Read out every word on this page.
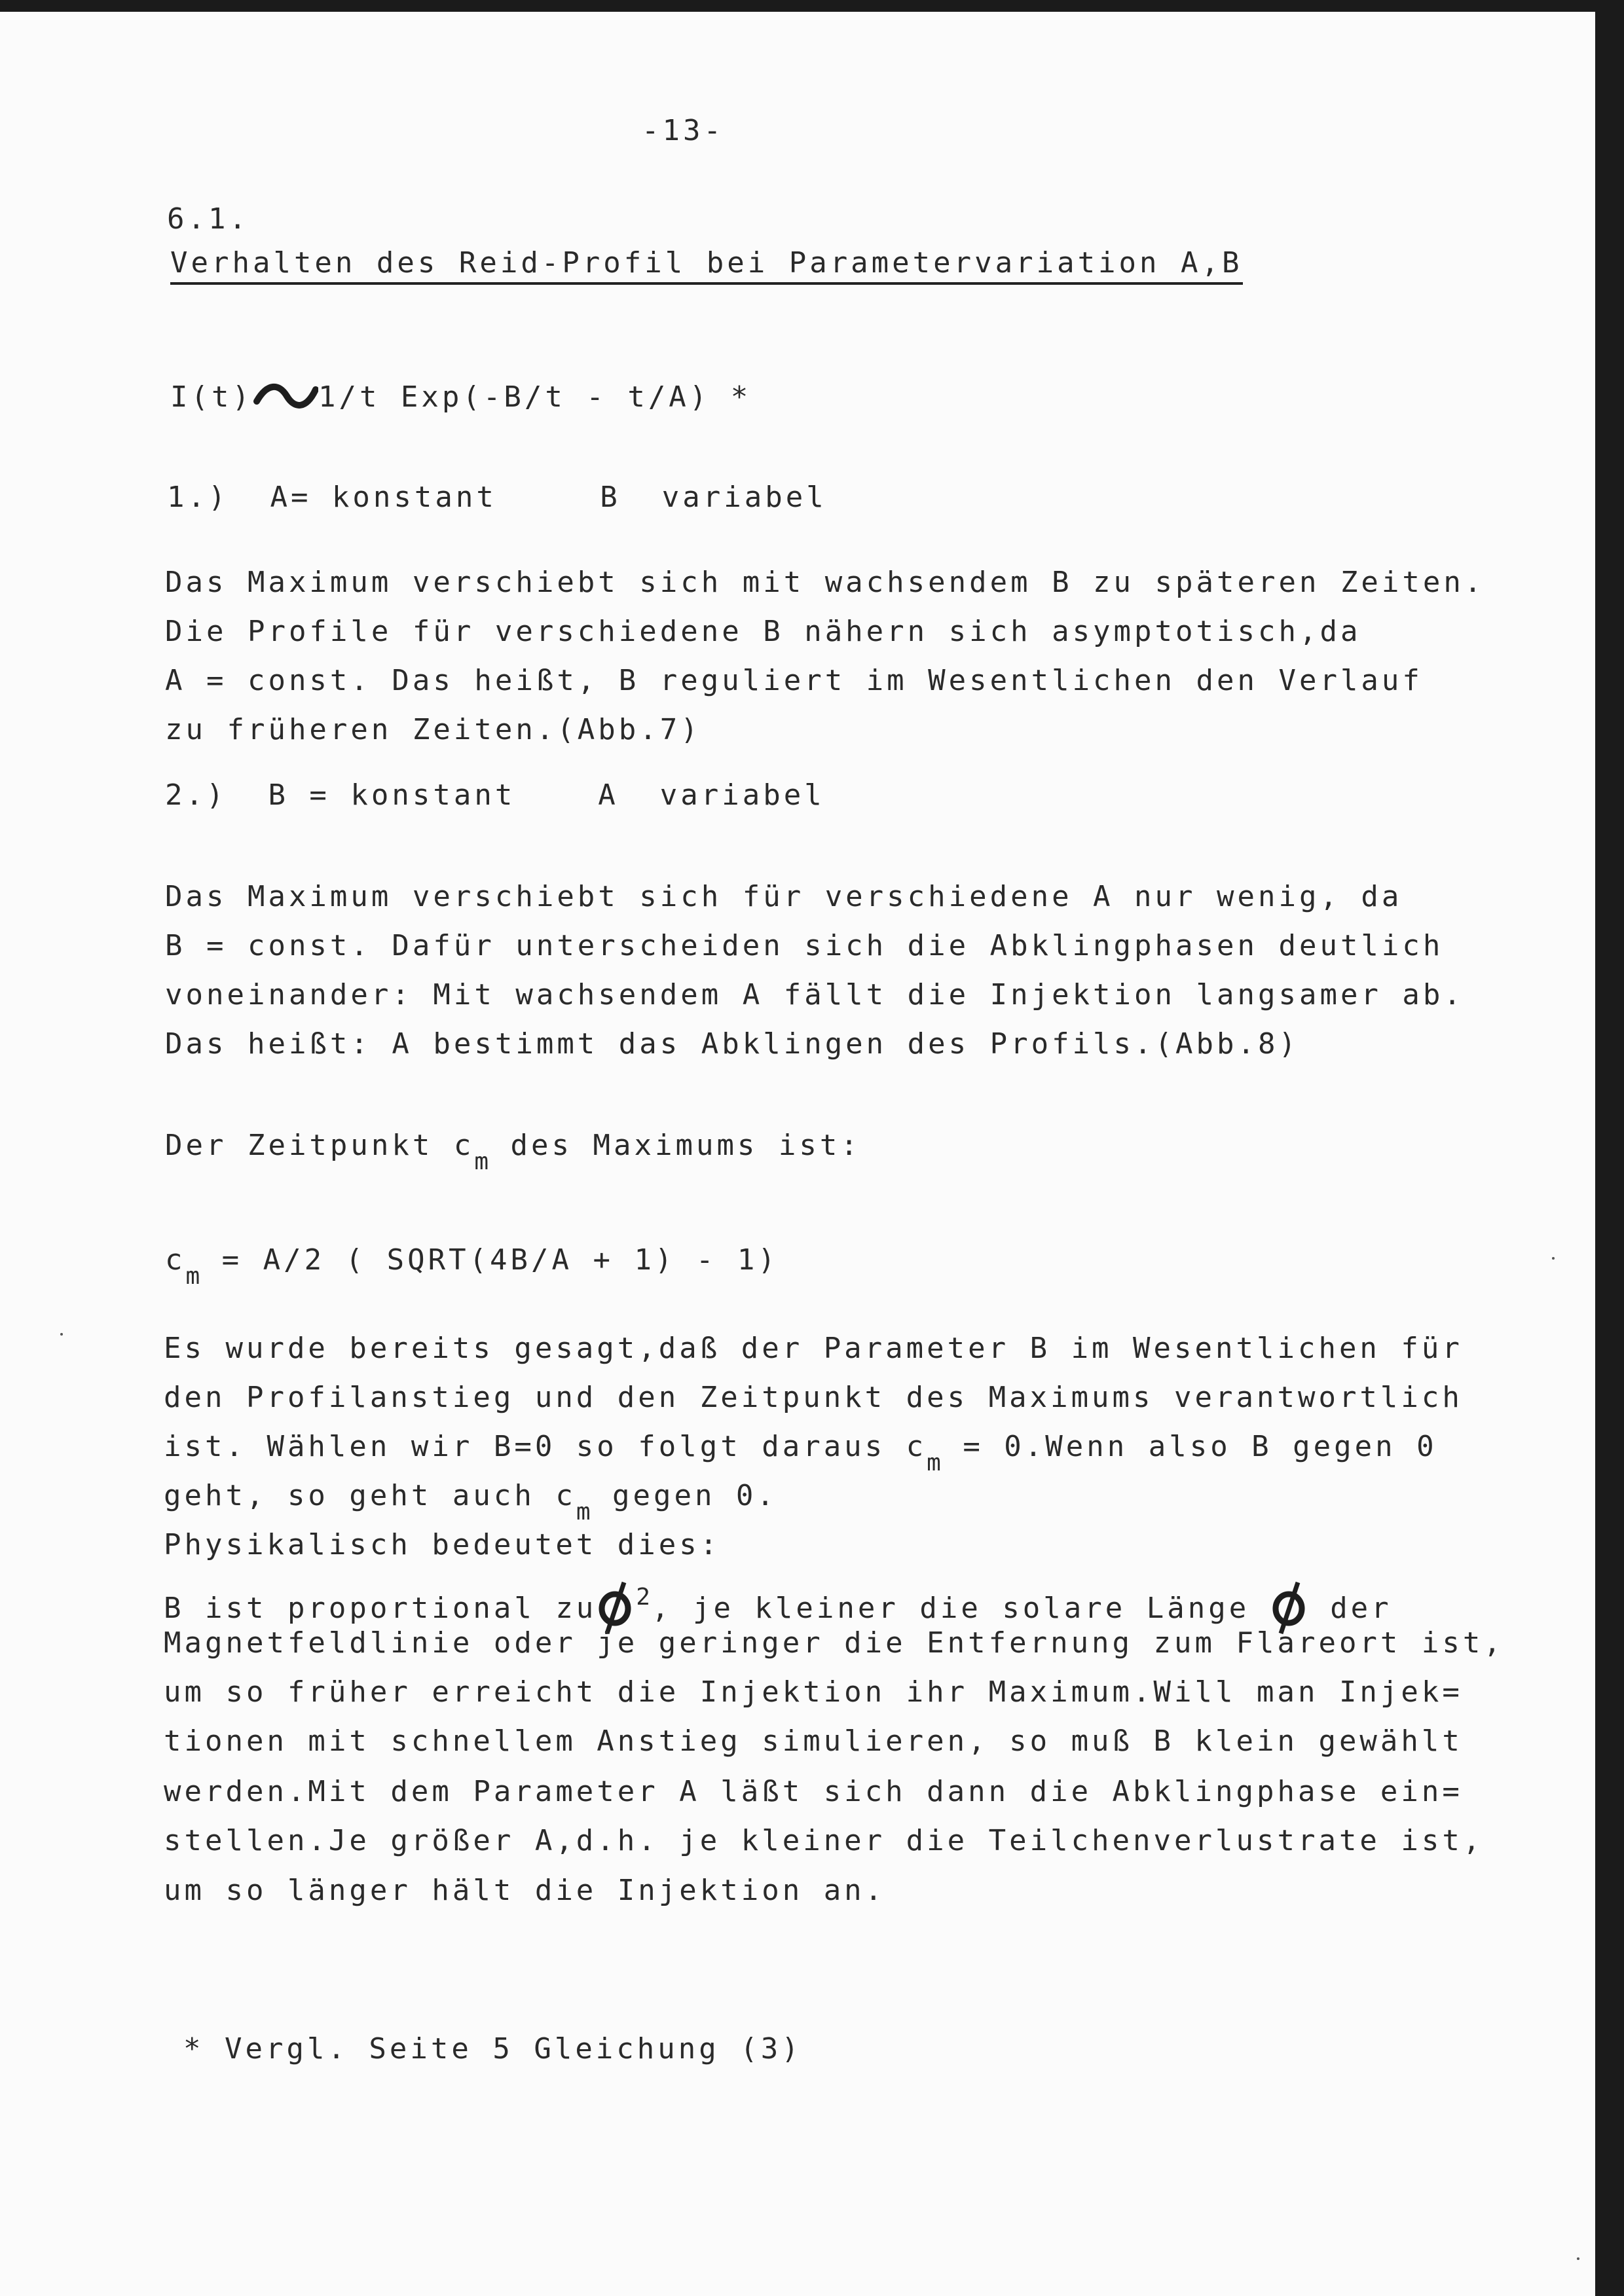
-13-
6.1.
Verhalten des Reid-Profil bei Parametervariation A,B
I(t) 1/t Exp(-B/t - t/A) *
1.)  A= konstant     B  variabel
Das Maximum verschiebt sich mit wachsendem B zu späteren Zeiten.
Die Profile für verschiedene B nähern sich asymptotisch,da
A = const. Das heißt, B reguliert im Wesentlichen den Verlauf
zu früheren Zeiten.(Abb.7)
2.)  B = konstant    A  variabel
Das Maximum verschiebt sich für verschiedene A nur wenig, da
B = const. Dafür unterscheiden sich die Abklingphasen deutlich
voneinander: Mit wachsendem A fällt die Injektion langsamer ab.
Das heißt: A bestimmt das Abklingen des Profils.(Abb.8)
Der Zeitpunkt $c_m$ des Maximums ist:
$c_m = A/2$ ( SQRT(4B/A + 1) - 1)
Es wurde bereits gesagt,daß der Parameter B im Wesentlichen für
den Profilanstieg und den Zeitpunkt des Maximums verantwortlich
ist. Wählen wir B=0 so folgt daraus $c_m$ = 0.Wenn also B gegen 0
geht, so geht auch $c_m$ gegen 0.
Physikalisch bedeutet dies:
B ist proportional zu $^2$, je kleiner die solare Länge  der
Magnetfeldlinie oder je geringer die Entfernung zum Flareort ist,
um so früher erreicht die Injektion ihr Maximum.Will man Injek=
tionen mit schnellem Anstieg simulieren, so muß B klein gewählt
werden.Mit dem Parameter A läßt sich dann die Abklingphase ein=
stellen.Je größer A,d.h. je kleiner die Teilchenverlustrate ist,
um so länger hält die Injektion an.
* Vergl. Seite 5 Gleichung (3)
